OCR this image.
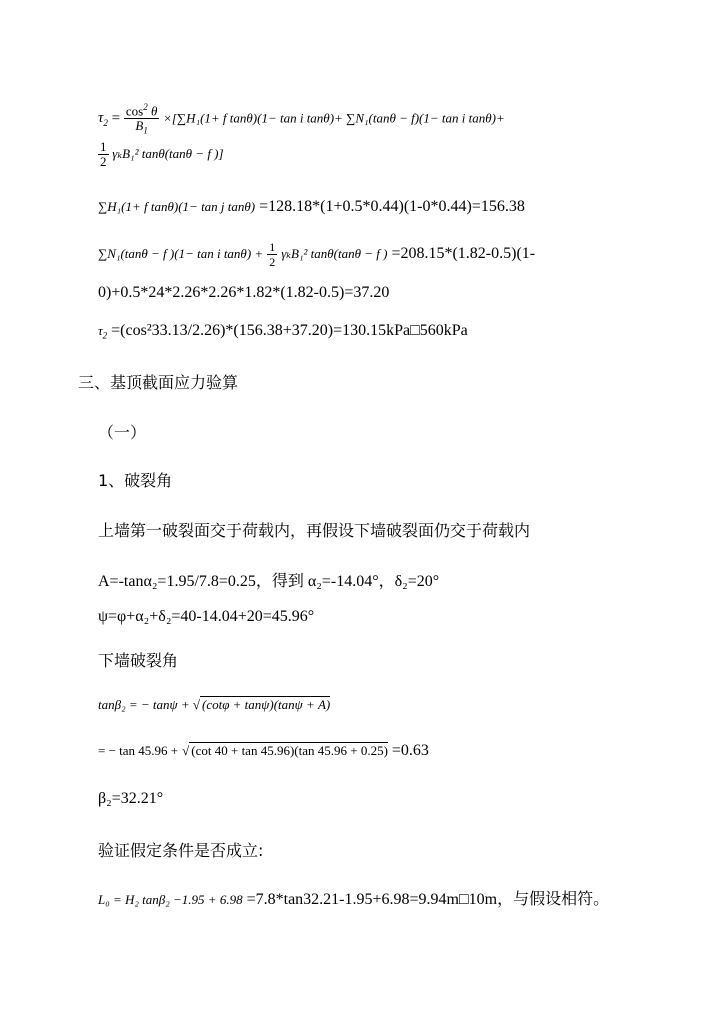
$\tau_2 = \frac{\cos^2 \theta}{B_1} \times[\sum H_1(1+ f$ tanθ)(1− tan i tanθ)+ ∑N₁(tanθ − f)(1− tan i tanθ)+
$\frac{1}{2} \gamma_kB_1^2$ tanθ(tanθ − f )]
∑H₁(1+ f tanθ)(1− tan j tanθ) =128.18*(1+0.5*0.44)(1-0*0.44)=156.38
∑N₁(tanθ − f )(1− tan i $\tan\theta) + \frac{1}{2} \gamma_kB_1^2$ tanθ(tanθ − f ) =208.15*(1.82-0.5)(1-
0)+0.5*24*2.26*2.26*1.82*(1.82-0.5)=37.20
$\tau_2$ =(cos²33.13/2.26)*(156.38+37.20)=130.15kPa□560kPa
三、基顶截面应力验算
（一）
1、破裂角
上墙第一破裂面交于荷载内，再假设下墙破裂面仍交于荷载内
A=-tanα₂=1.95/7.8=0.25，得到 α₂=-14.04°，δ₂=20°
ψ=φ+α₂+δ₂=40-14.04+20=45.96°
下墙破裂角
tanβ₂ = − tanψ + √ (cotφ + tanψ)(tanψ + A)
= − tan 45.96 + √ (cot 40 + tan 45.96)(tan 45.96 + 0.25) =0.63
β₂=32.21°
验证假定条件是否成立:
L₀ = H₂ tanβ₂ −1.95 + 6.98 =7.8*tan32.21-1.95+6.98=9.94m□10m，与假设相符。
